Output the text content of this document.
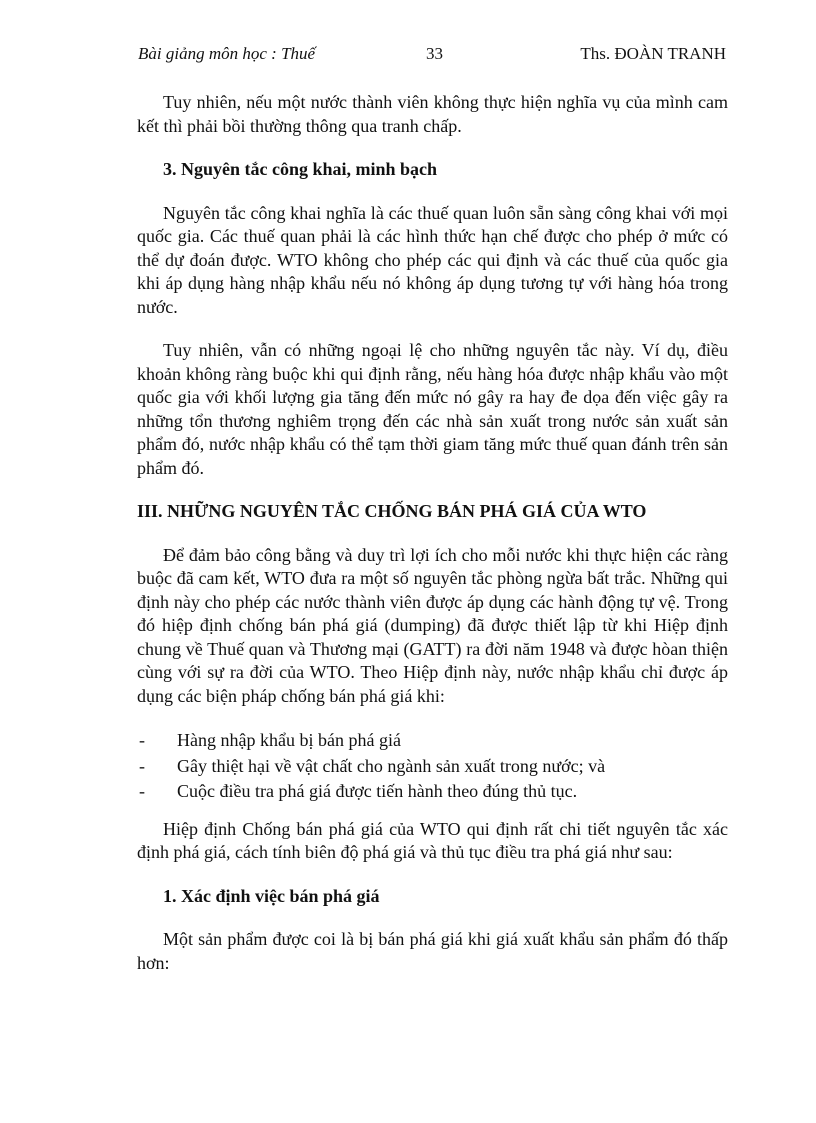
Bài giảng môn học : Thuế	33	Ths. ĐOÀN TRANH

Tuy nhiên, nếu một nước thành viên không thực hiện nghĩa vụ của mình cam kết thì phải bồi thường thông qua tranh chấp.

3. Nguyên tắc công khai, minh bạch

Nguyên tắc công khai nghĩa là các thuế quan luôn sẵn sàng công khai với mọi quốc gia. Các thuế quan phải là các hình thức hạn chế được cho phép ở mức có thể dự đoán được. WTO không cho phép các qui định và các thuế của quốc gia khi áp dụng hàng nhập khẩu nếu nó không áp dụng tương tự với hàng hóa trong nước.

Tuy nhiên, vẫn có những ngoại lệ cho những nguyên tắc này. Ví dụ, điều khoản không ràng buộc khi qui định rằng, nếu hàng hóa được nhập khẩu vào một quốc gia với khối lượng gia tăng đến mức nó gây ra hay đe dọa đến việc gây ra những tổn thương nghiêm trọng đến các nhà sản xuất trong nước sản xuất sản phẩm đó, nước nhập khẩu có thể tạm thời giam tăng mức thuế quan đánh trên sản phẩm đó.

III. NHỮNG NGUYÊN TẮC CHỐNG BÁN PHÁ GIÁ CỦA WTO

Để đảm bảo công bằng và duy trì lợi ích cho mỗi nước khi thực hiện các ràng buộc đã cam kết, WTO đưa ra một số nguyên tắc phòng ngừa bất trắc. Những qui định này cho phép các nước thành viên được áp dụng các hành động tự vệ. Trong đó hiệp định chống bán phá giá (dumping) đã được thiết lập từ khi Hiệp định chung về Thuế quan và Thương mại (GATT) ra đời năm 1948 và được hòan thiện cùng với sự ra đời của WTO. Theo Hiệp định này, nước nhập khẩu chỉ được áp dụng các biện pháp chống bán phá giá khi:

- Hàng nhập khẩu bị bán phá giá
- Gây thiệt hại về vật chất cho ngành sản xuất trong nước; và
- Cuộc điều tra phá giá được tiến hành theo đúng thủ tục.

Hiệp định Chống bán phá giá của WTO qui định rất chi tiết nguyên tắc xác định phá giá, cách tính biên độ phá giá và thủ tục điều tra phá giá như sau:

1. Xác định việc bán phá giá

Một sản phẩm được coi là bị bán phá giá khi giá xuất khẩu sản phẩm đó thấp hơn:
